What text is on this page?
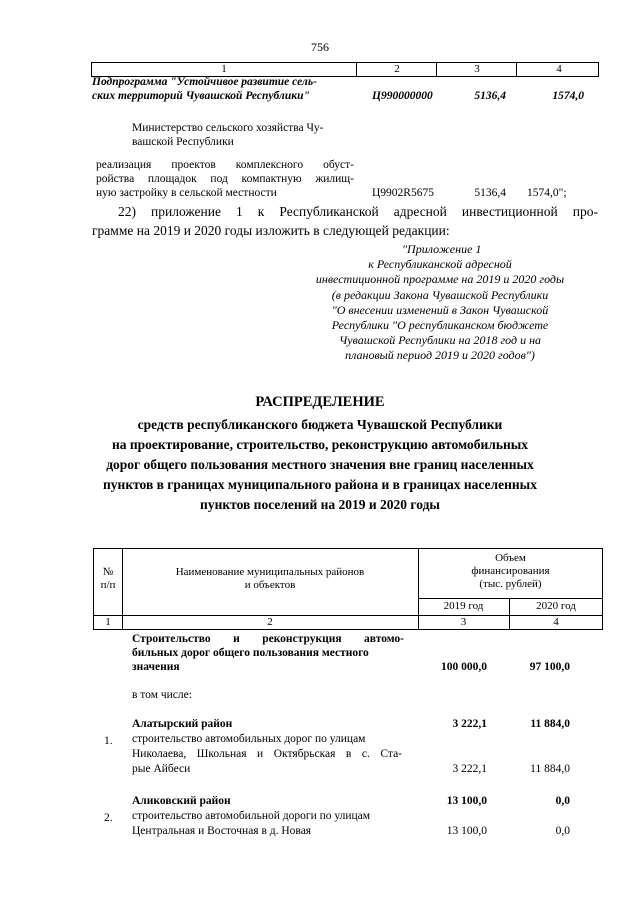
756
1	2	3	4
Подпрограмма "Устойчивое развитие сель-
ских территорий Чувашской Республики"	Ц990000000	5136,4	1574,0
Министерство сельского хозяйства Чу-
вашской Республики
реализация проектов комплексного обуст-
ройства площадок под компактную жилищ-
ную застройку в сельской местности	Ц9902R5675	5136,4 1574,0";
22) приложение 1 к Республиканской адресной инвестиционной про-
грамме на 2019 и 2020 годы изложить в следующей редакции:
"Приложение 1
к Республиканской адресной
инвестиционной программе на 2019 и 2020 годы
(в редакции Закона Чувашской Республики
"О внесении изменений в Закон Чувашской
Республики "О республиканском бюджете
Чувашской Республики на 2018 год и на
плановый период 2019 и 2020 годов")
РАСПРЕДЕЛЕНИЕ
средств республиканского бюджета Чувашской Республики
на проектирование, строительство, реконструкцию автомобильных
дорог общего пользования местного значения вне границ населенных
пунктов в границах муниципального района и в границах населенных
пунктов поселений на 2019 и 2020 годы
№
п/п
Наименование муниципальных районов
и объектов
Объем
финансирования
(тыс. рублей)
2019 год	2020 год
1	2	3	4
Строительство и реконструкция автомо-
бильных дорог общего пользования местного
значения	100 000,0	97 100,0
в том числе:
Алатырский район	3 222,1	11 884,0
1. строительство автомобильных дорог по улицам
Николаева, Школьная и Октябрьская в с. Ста-
рые Айбеси	3 222,1	11 884,0
Аликовский район	13 100,0	0,0
2. строительство автомобильной дороги по улицам
Центральная и Восточная в д. Новая	13 100,0	0,0
